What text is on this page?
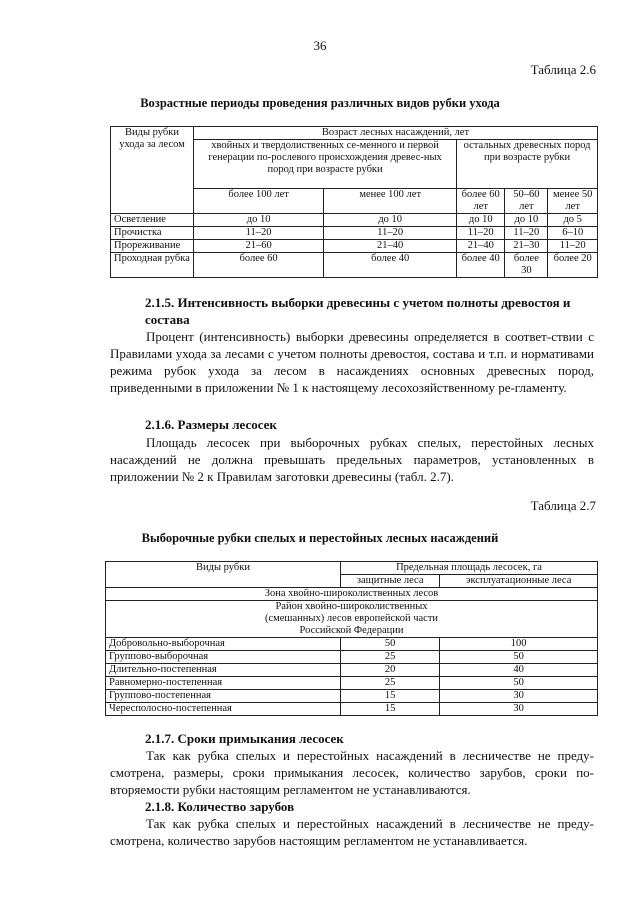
36
Таблица 2.6
Возрастные периоды проведения различных видов рубки ухода
Виды рубки ухода за лесом	Возраст лесных насаждений, лет				
	хвойных и твердолиственных се-менного и первой генерации по-рослевого происхождения древес-ных пород при возрасте рубки		остальных древесных пород при возрасте рубки		
	более 100 лет	менее 100 лет	более 60 лет	50–60 лет	менее 50 лет
Осветление	до 10	до 10	до 10	до 10	до 5
Прочистка	11–20	11–20	11–20	11–20	6–10
Прореживание	21–60	21–40	21–40	21–30	11–20
Проходная рубка	более 60	более 40	более 40	более 30	более 20
2.1.5. Интенсивность выборки древесины с учетом полноты древостоя и состава
Процент (интенсивность) выборки древесины определяется в соответ-ствии с Правилами ухода за лесами с учетом полноты древостоя, состава и т.п. и нормативами режима рубок ухода за лесом в насаждениях основных древесных пород, приведенными в приложении № 1 к настоящему лесохозяйственному ре-гламенту.
2.1.6. Размеры лесосек
Площадь лесосек при выборочных рубках спелых, перестойных лесных насаждений не должна превышать предельных параметров, установленных в приложении № 2 к Правилам заготовки древесины (табл. 2.7).
Таблица 2.7
Выборочные рубки спелых и перестойных лесных насаждений
Виды рубки	Предельная площадь лесосек, га	
	защитные леса	эксплуатационные леса
Зона хвойно-широколиственных лесов		
Район хвойно-широколиственных (смешанных) лесов европейской части Российской Федерации		
Добровольно-выборочная	50	100
Группово-выборочная	25	50
Длительно-постепенная	20	40
Равномерно-постепенная	25	50
Группово-постепенная	15	30
Чересполосно-постепенная	15	30
2.1.7. Сроки примыкания лесосек
Так как рубка спелых и перестойных насаждений в лесничестве не преду-смотрена, размеры, сроки примыкания лесосек, количество зарубов, сроки по-вторяемости рубки настоящим регламентом не устанавливаются.
2.1.8. Количество зарубов
Так как рубка спелых и перестойных насаждений в лесничестве не преду-смотрена, количество зарубов настоящим регламентом не устанавливается.
